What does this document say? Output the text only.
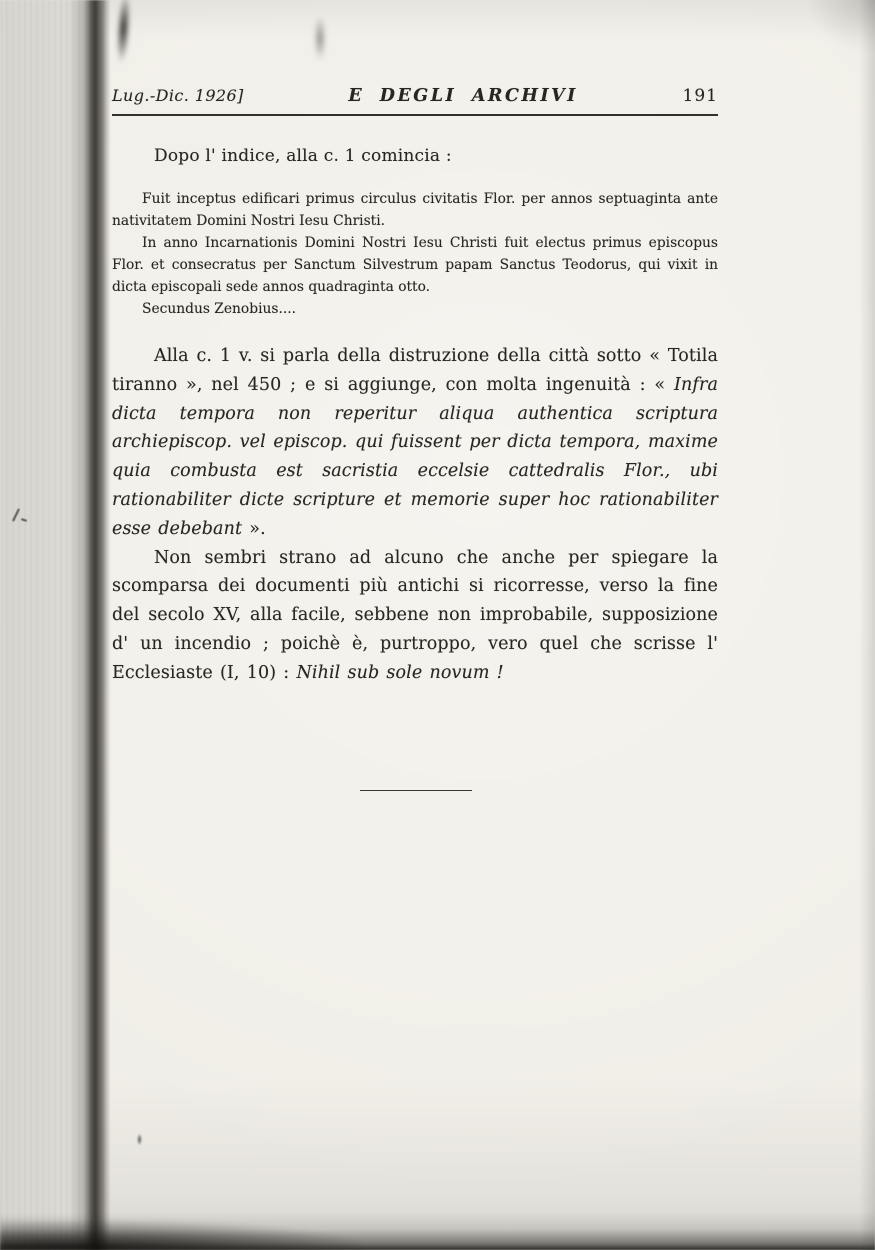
Lug.-Dic. 1926]	E DEGLI ARCHIVI	191

Dopo l' indice, alla c. 1 comincia :

Fuit inceptus edificari primus circulus civitatis Flor. per annos septuaginta ante nativitatem Domini Nostri Iesu Christi.

In anno Incarnationis Domini Nostri Iesu Christi fuit electus primus episcopus Flor. et consecratus per Sanctum Silvestrum papam Sanctus Teodorus, qui vixit in dicta episcopali sede annos quadraginta otto.

Secundus Zenobius....

Alla c. 1 v. si parla della distruzione della città sotto « Totila tiranno », nel 450 ; e si aggiunge, con molta ingenuità : « Infra dicta tempora non reperitur aliqua authentica scriptura archiepiscop. vel episcop. qui fuissent per dicta tempora, maxime quia combusta est sacristia eccelsie cattedralis Flor., ubi rationabiliter dicte scripture et memorie super hoc rationabiliter esse debebant ».

Non sembri strano ad alcuno che anche per spiegare la scomparsa dei documenti più antichi si ricorresse, verso la fine del secolo XV, alla facile, sebbene non improbabile, supposizione d' un incendio ; poichè è, purtroppo, vero quel che scrisse l' Ecclesiaste (I, 10) : Nihil sub sole novum !
